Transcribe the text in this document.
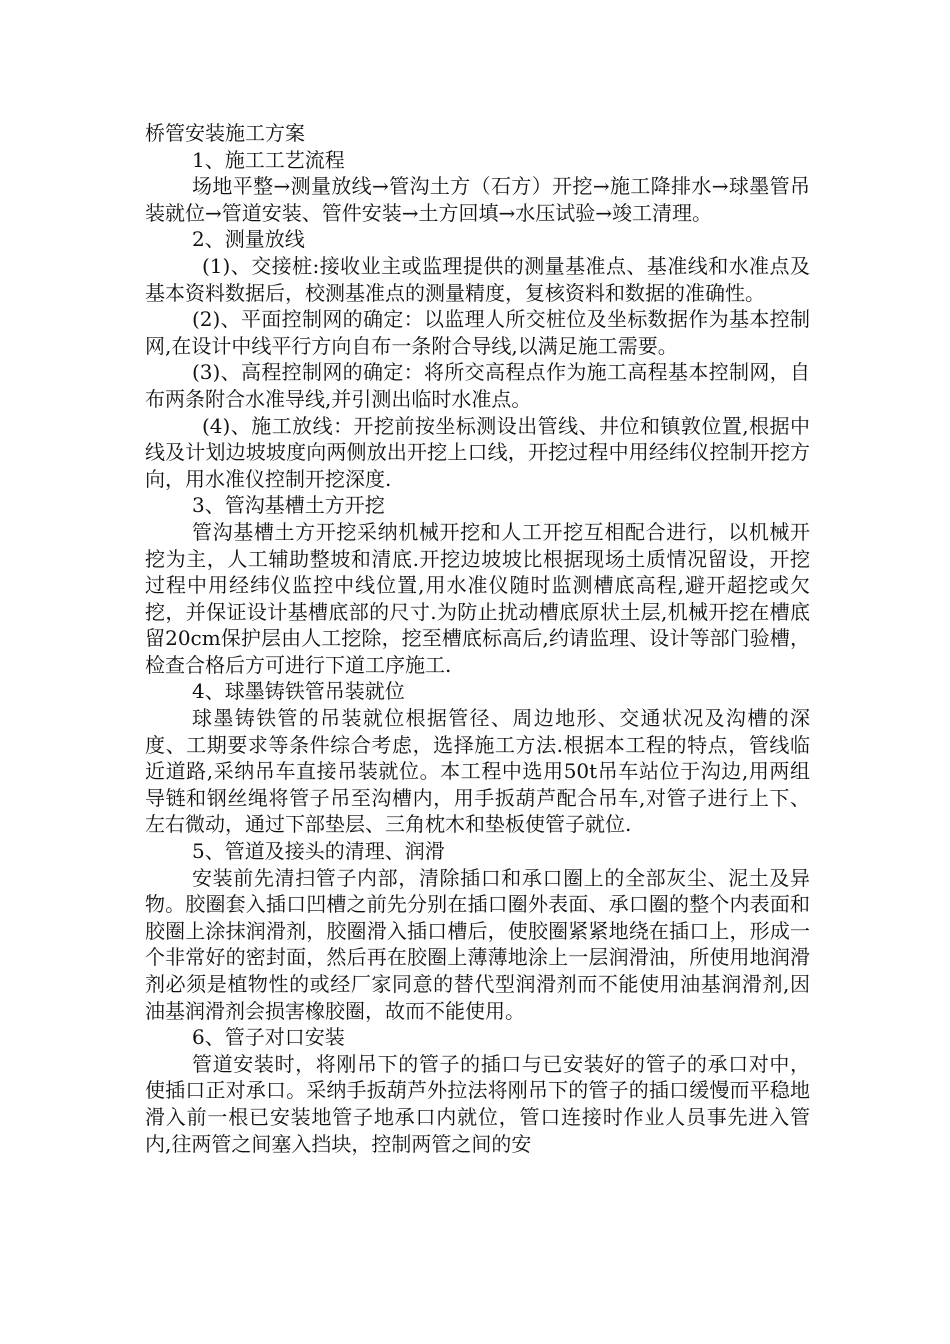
桥管安装施工方案

1、施工工艺流程

场地平整→测量放线→管沟土方（石方）开挖→施工降排水→球墨管吊装就位→管道安装、管件安装→土方回填→水压试验→竣工清理。

2、测量放线

(1)、交接桩:接收业主或监理提供的测量基准点、基准线和水准点及基本资料数据后，校测基准点的测量精度，复核资料和数据的准确性。

(2)、平面控制网的确定：以监理人所交桩位及坐标数据作为基本控制网,在设计中线平行方向自布一条附合导线,以满足施工需要。

(3)、高程控制网的确定：将所交高程点作为施工高程基本控制网，自布两条附合水准导线,并引测出临时水准点。

(4)、施工放线：开挖前按坐标测设出管线、井位和镇敦位置,根据中线及计划边坡坡度向两侧放出开挖上口线，开挖过程中用经纬仪控制开挖方向，用水准仪控制开挖深度.

3、管沟基槽土方开挖

管沟基槽土方开挖采纳机械开挖和人工开挖互相配合进行，以机械开挖为主，人工辅助整坡和清底.开挖边坡坡比根据现场土质情况留设，开挖过程中用经纬仪监控中线位置,用水准仪随时监测槽底高程,避开超挖或欠挖，并保证设计基槽底部的尺寸.为防止扰动槽底原状土层,机械开挖在槽底留20cm保护层由人工挖除，挖至槽底标高后,约请监理、设计等部门验槽，检查合格后方可进行下道工序施工.

4、球墨铸铁管吊装就位

球墨铸铁管的吊装就位根据管径、周边地形、交通状况及沟槽的深度、工期要求等条件综合考虑，选择施工方法.根据本工程的特点，管线临近道路,采纳吊车直接吊装就位。本工程中选用50t吊车站位于沟边,用两组导链和钢丝绳将管子吊至沟槽内，用手扳葫芦配合吊车,对管子进行上下、左右微动，通过下部垫层、三角枕木和垫板使管子就位.

5、管道及接头的清理、润滑

安装前先清扫管子内部，清除插口和承口圈上的全部灰尘、泥土及异物。胶圈套入插口凹槽之前先分别在插口圈外表面、承口圈的整个内表面和胶圈上涂抹润滑剂，胶圈滑入插口槽后，使胶圈紧紧地绕在插口上，形成一个非常好的密封面，然后再在胶圈上薄薄地涂上一层润滑油，所使用地润滑剂必须是植物性的或经厂家同意的替代型润滑剂而不能使用油基润滑剂,因油基润滑剂会损害橡胶圈，故而不能使用。

6、管子对口安装

管道安装时，将刚吊下的管子的插口与已安装好的管子的承口对中，使插口正对承口。采纳手扳葫芦外拉法将刚吊下的管子的插口缓慢而平稳地滑入前一根已安装地管子地承口内就位，管口连接时作业人员事先进入管内,往两管之间塞入挡块，控制两管之间的安
